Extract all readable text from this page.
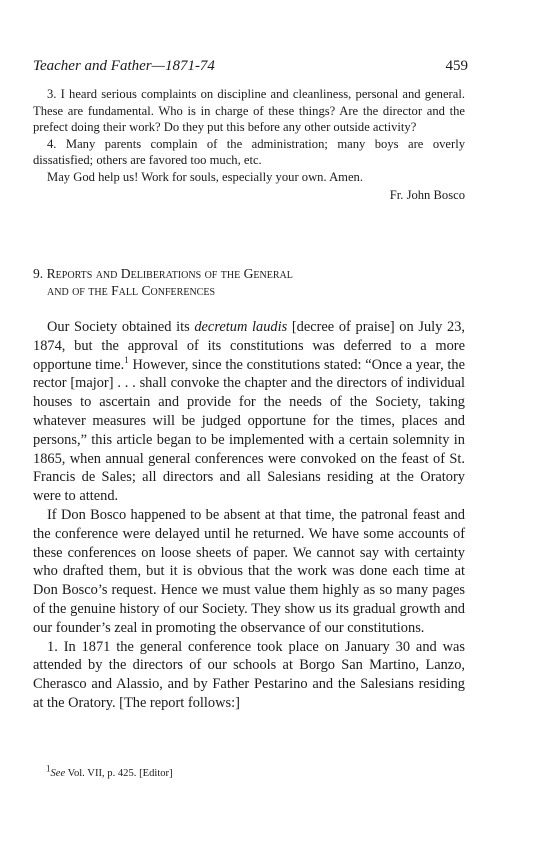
Teacher and Father—1871-74	459

3. I heard serious complaints on discipline and cleanliness, personal and general. These are fundamental. Who is in charge of these things? Are the director and the prefect doing their work? Do they put this before any other outside activity?

4. Many parents complain of the administration; many boys are overly dissatisfied; others are favored too much, etc.

May God help us! Work for souls, especially your own. Amen.

Fr. John Bosco

9. Reports and Deliberations of the General
and of the Fall Conferences

Our Society obtained its decretum laudis [decree of praise] on July 23, 1874, but the approval of its constitutions was deferred to a more opportune time.$^1$ However, since the constitutions stated: “Once a year, the rector [major] . . . shall convoke the chapter and the directors of individual houses to ascertain and provide for the needs of the Society, taking whatever measures will be judged opportune for the times, places and persons,” this article began to be implemented with a certain solemnity in 1865, when annual general conferences were convoked on the feast of St. Francis de Sales; all directors and all Salesians residing at the Oratory were to attend.

If Don Bosco happened to be absent at that time, the patronal feast and the conference were delayed until he returned. We have some accounts of these conferences on loose sheets of paper. We cannot say with certainty who drafted them, but it is obvious that the work was done each time at Don Bosco’s request. Hence we must value them highly as so many pages of the genuine history of our Society. They show us its gradual growth and our founder’s zeal in promoting the observance of our constitutions.

1. In 1871 the general conference took place on January 30 and was attended by the directors of our schools at Borgo San Martino, Lanzo, Cherasco and Alassio, and by Father Pestarino and the Salesians residing at the Oratory. [The report follows:]

$^1$See Vol. VII, p. 425. [Editor]
